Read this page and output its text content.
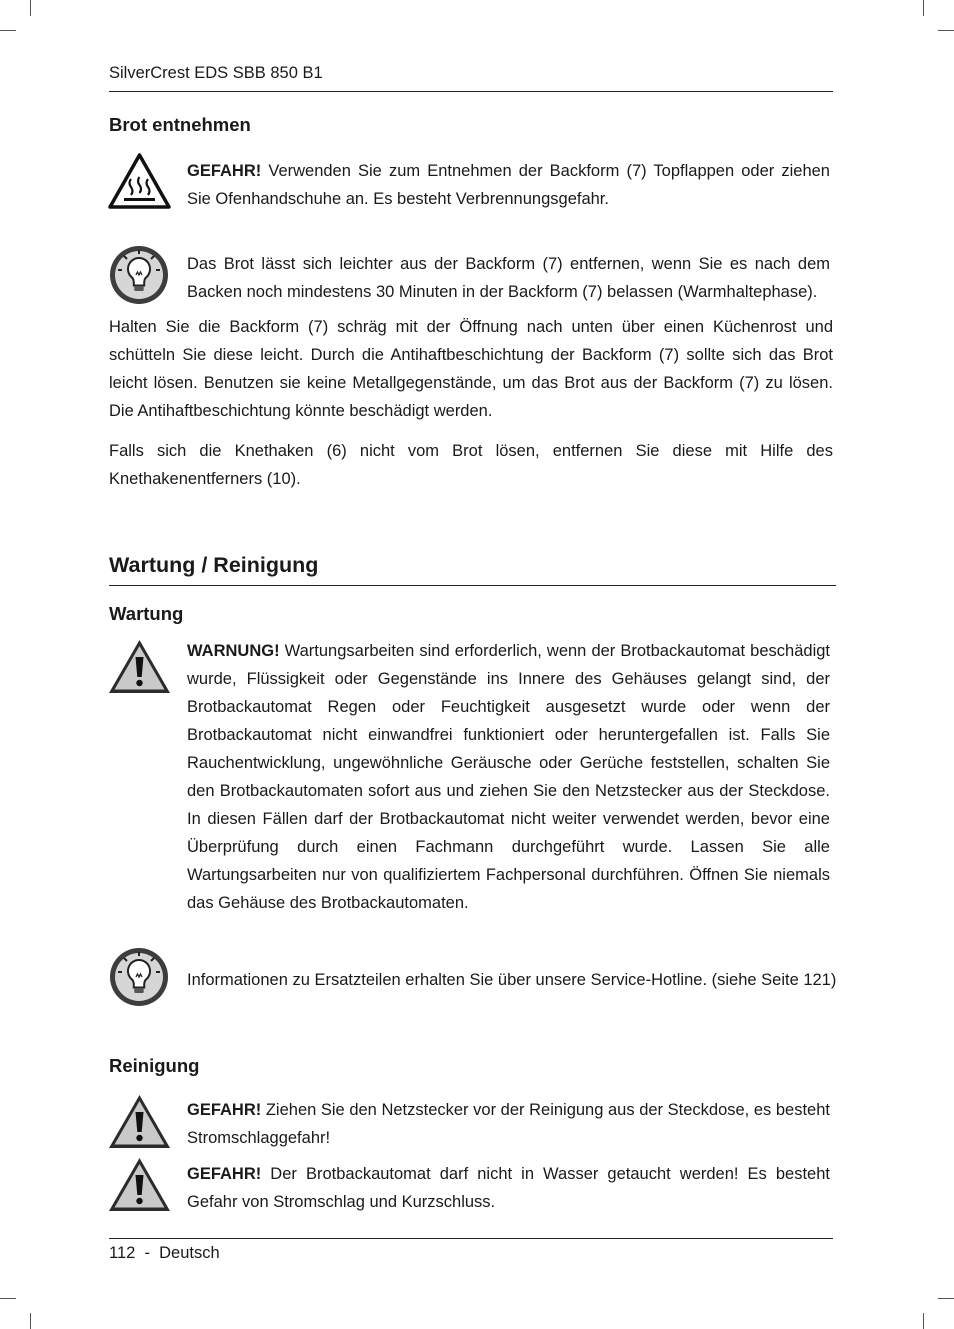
SilverCrest EDS SBB 850 B1
Brot entnehmen

GEFAHR! Verwenden Sie zum Entnehmen der Backform (7) Topflappen oder ziehen Sie Ofenhandschuhe an. Es besteht Verbrennungsgefahr.

Das Brot lässt sich leichter aus der Backform (7) entfernen, wenn Sie es nach dem Backen noch mindestens 30 Minuten in der Backform (7) belassen (Warmhaltephase).

Halten Sie die Backform (7) schräg mit der Öffnung nach unten über einen Küchenrost und schütteln Sie diese leicht. Durch die Antihaftbeschichtung der Backform (7) sollte sich das Brot leicht lösen. Benutzen sie keine Metallgegenstände, um das Brot aus der Backform (7) zu lösen. Die Antihaftbeschichtung könnte beschädigt werden.

Falls sich die Knethaken (6) nicht vom Brot lösen, entfernen Sie diese mit Hilfe des Knethakenentferners (10).

Wartung / Reinigung
Wartung

WARNUNG! Wartungsarbeiten sind erforderlich, wenn der Brotbackautomat beschädigt wurde, Flüssigkeit oder Gegenstände ins Innere des Gehäuses gelangt sind, der Brotbackautomat Regen oder Feuchtigkeit ausgesetzt wurde oder wenn der Brotbackautomat nicht einwandfrei funktioniert oder heruntergefallen ist. Falls Sie Rauchentwicklung, ungewöhnliche Geräusche oder Gerüche feststellen, schalten Sie den Brotbackautomaten sofort aus und ziehen Sie den Netzstecker aus der Steckdose. In diesen Fällen darf der Brotbackautomat nicht weiter verwendet werden, bevor eine Überprüfung durch einen Fachmann durchgeführt wurde. Lassen Sie alle Wartungsarbeiten nur von qualifiziertem Fachpersonal durchführen. Öffnen Sie niemals das Gehäuse des Brotbackautomaten.

Informationen zu Ersatzteilen erhalten Sie über unsere Service-Hotline. (siehe Seite 121)

Reinigung

GEFAHR! Ziehen Sie den Netzstecker vor der Reinigung aus der Steckdose, es besteht Stromschlaggefahr!

GEFAHR! Der Brotbackautomat darf nicht in Wasser getaucht werden! Es besteht Gefahr von Stromschlag und Kurzschluss.

112  -  Deutsch
